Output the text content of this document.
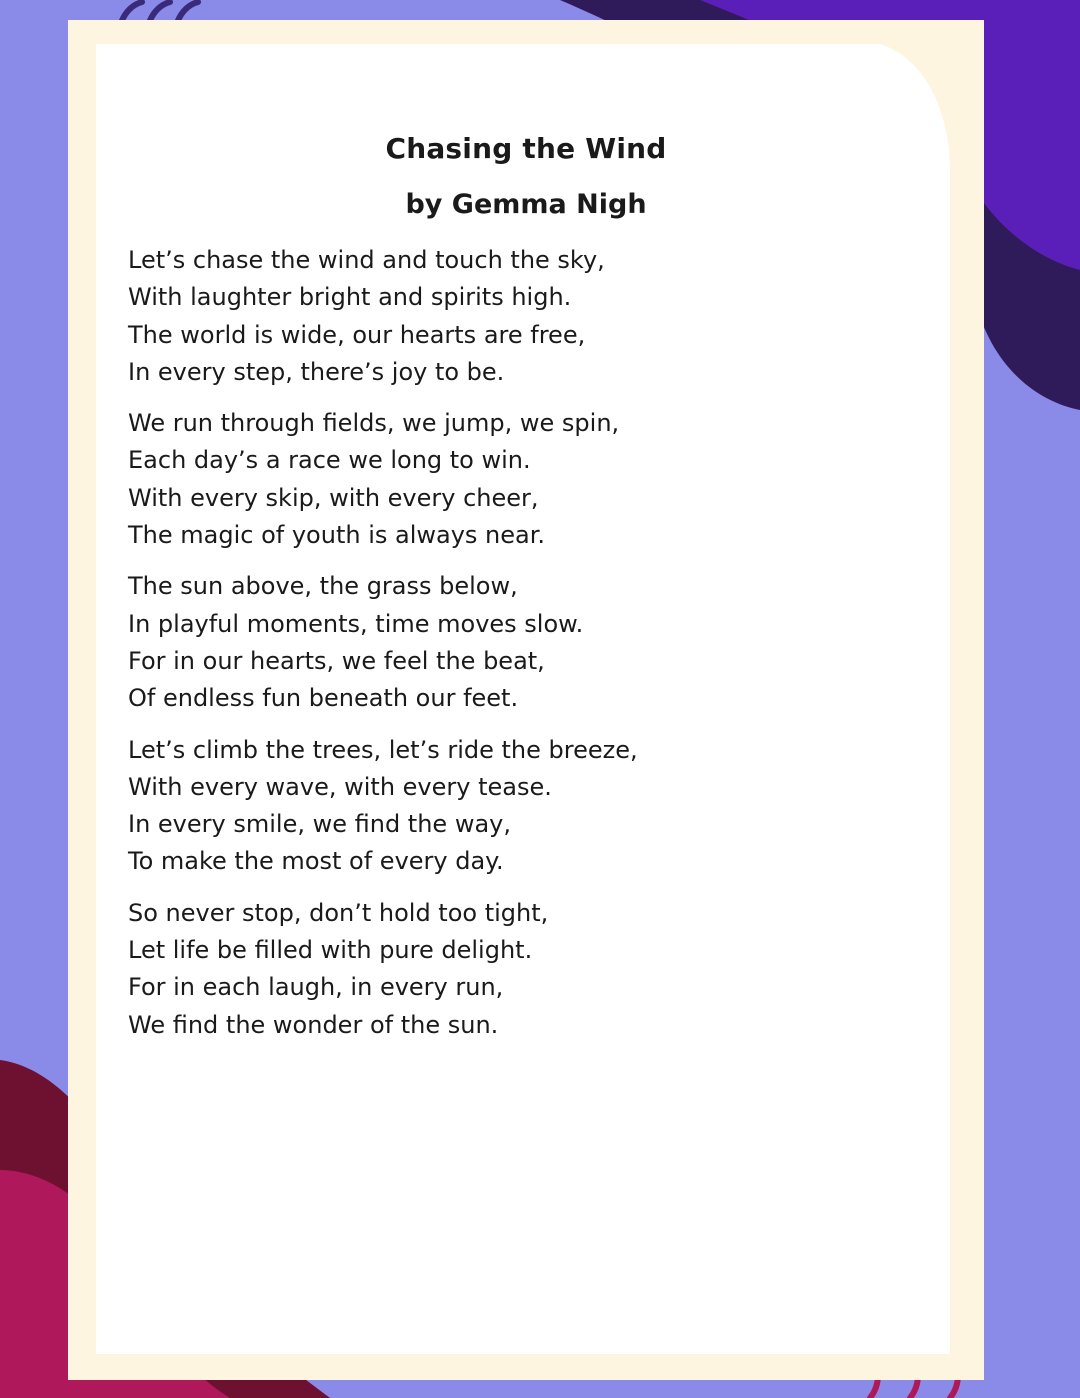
Chasing the Wind
by Gemma Nigh
Let’s chase the wind and touch the sky,
With laughter bright and spirits high.
The world is wide, our hearts are free,
In every step, there’s joy to be.
We run through fields, we jump, we spin,
Each day’s a race we long to win.
With every skip, with every cheer,
The magic of youth is always near.
The sun above, the grass below,
In playful moments, time moves slow.
For in our hearts, we feel the beat,
Of endless fun beneath our feet.
Let’s climb the trees, let’s ride the breeze,
With every wave, with every tease.
In every smile, we find the way,
To make the most of every day.
So never stop, don’t hold too tight,
Let life be filled with pure delight.
For in each laugh, in every run,
We find the wonder of the sun.
